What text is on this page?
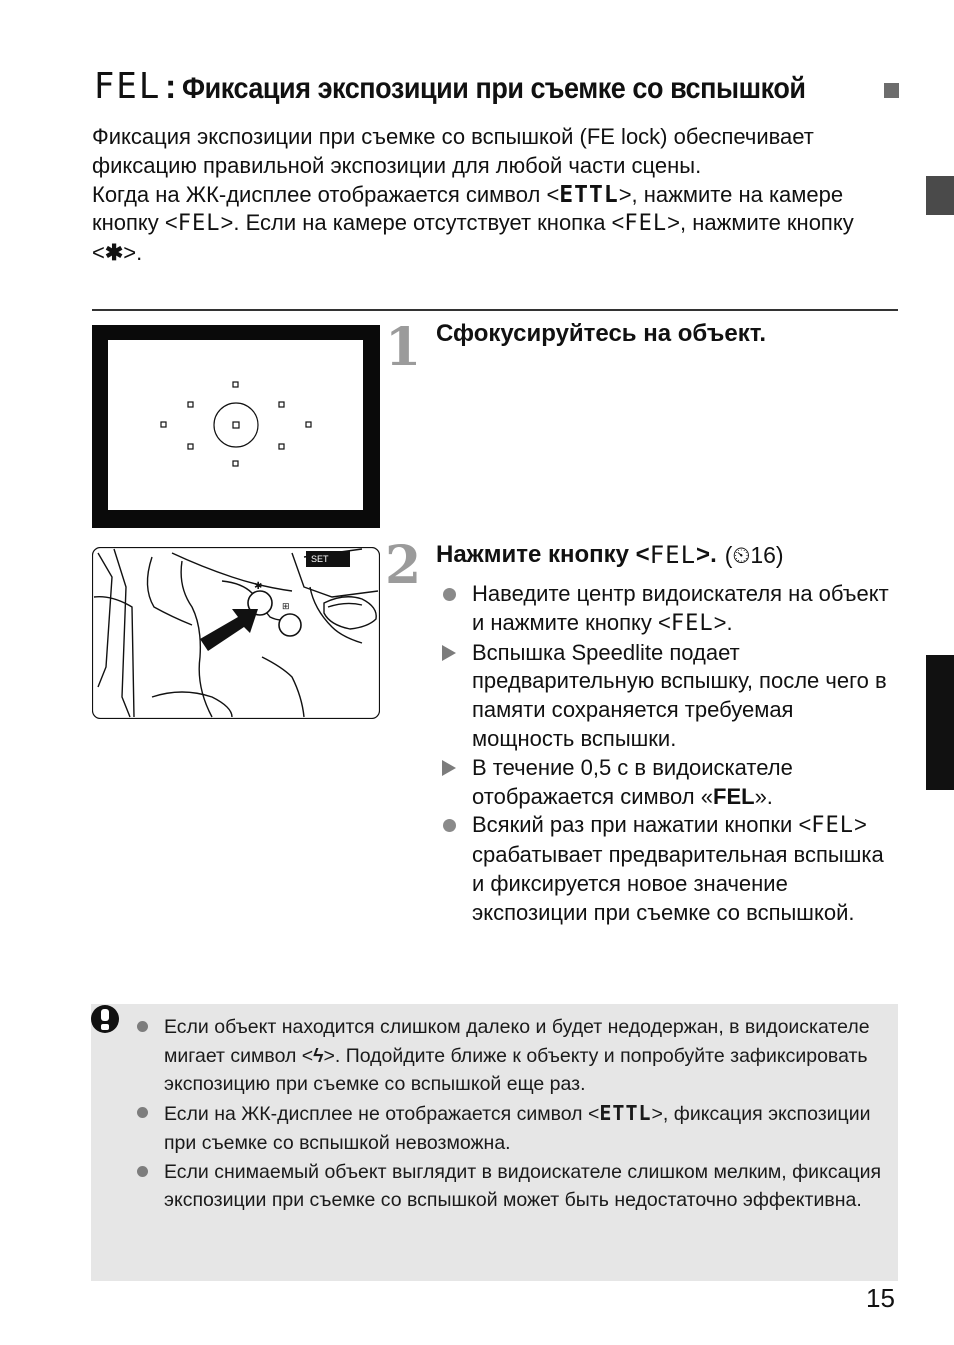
FEL : Фиксация экспозиции при съемке со вспышкой

Фиксация экспозиции при съемке со вспышкой (FE lock) обеспечивает фиксацию правильной экспозиции для любой части сцены.

Когда на ЖК-дисплее отображается символ <ETTL>, нажмите на камере кнопку <FEL>. Если на камере отсутствует кнопка <FEL>, нажмите кнопку <✱>.

SET
✱
⊞
1 Сфокусируйтесь на объект.
2 Нажмите кнопку < FEL >. (⏲16)
Наведите центр видоискателя на объект и нажмите кнопку <FEL>.
Вспышка Speedlite подает предварительную вспышку, после чего в памяти сохраняется требуемая мощность вспышки.
В течение 0,5 с в видоискателе отображается символ «FEL».
Всякий раз при нажатии кнопки <FEL> срабатывает предварительная вспышка и фиксируется новое значение экспозиции при съемке со вспышкой.
Если объект находится слишком далеко и будет недодержан, в видоискателе мигает символ <ϟ>. Подойдите ближе к объекту и попробуйте зафиксировать экспозицию при съемке со вспышкой еще раз.
Если на ЖК-дисплее не отображается символ <ETTL>, фиксация экспозиции при съемке со вспышкой невозможна.
Если снимаемый объект выглядит в видоискателе слишком мелким, фиксация экспозиции при съемке со вспышкой может быть недостаточно эффективна.
15
